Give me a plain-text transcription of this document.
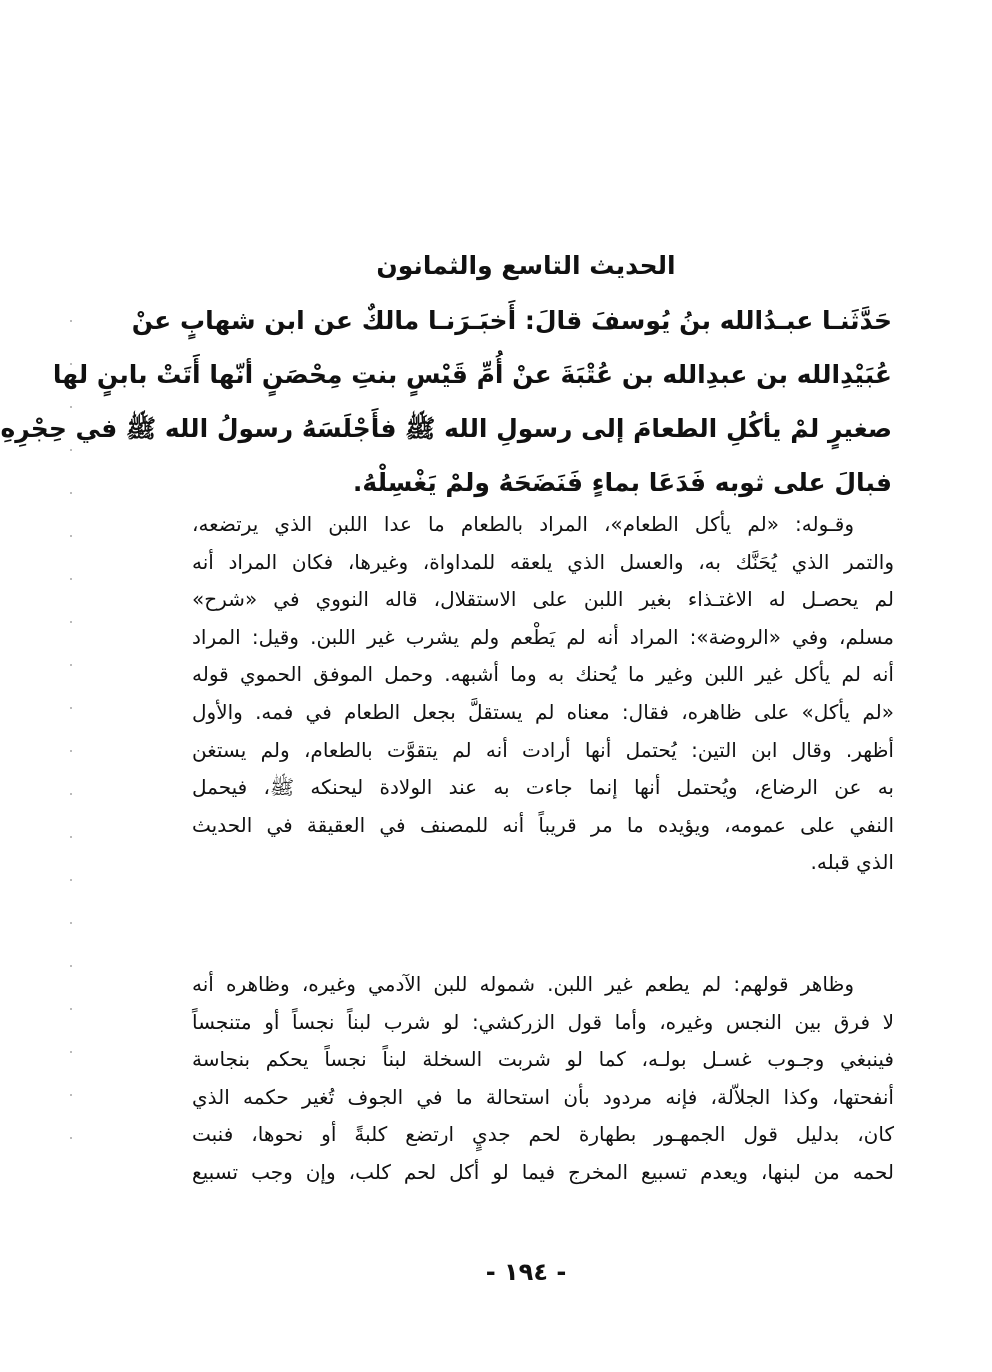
الحديث التاسع والثمانون
حَدَّثَنـا عبـدُالله بنُ يُوسفَ قالَ: أَخبَـرَنـا مالكٌ عن ابن شهابٍ عنْ
عُبَيْدِالله بن عبدِالله بن عُتْبَةَ عنْ أُمِّ قَيْسٍ بنتِ مِحْصَنٍ أنّها أَتَتْ بابنٍ لها
صغيرٍ لمْ يأكُلِ الطعامَ إلى رسولِ الله ﷺ فأَجْلَسَهُ رسولُ الله ﷺ في حِجْرِهِ
فبالَ على ثوبه فَدَعَا بماءٍ فَنَضَحَهُ ولمْ يَغْسِلْهُ.
وقـوله: «لم يأكل الطعام»، المراد بالطعام ما عدا اللبن الذي يرتضعه،
والتمر الذي يُحَنَّك به، والعسل الذي يلعقه للمداواة، وغيرها، فكان المراد أنه
لم يحصـل له الاغتـذاء بغير اللبن على الاستقلال، قاله النووي في «شرح»
مسلم، وفي «الروضة»: المراد أنه لم يَطْعم ولم يشرب غير اللبن. وقيل: المراد
أنه لم يأكل غير اللبن وغير ما يُحنك به وما أشبهه. وحمل الموفق الحموي قوله
«لم يأكل» على ظاهره، فقال: معناه لم يستقلَّ بجعل الطعام في فمه. والأول
أظهر. وقال ابن التين: يُحتمل أنها أرادت أنه لم يتقوَّت بالطعام، ولم يستغن
به عن الرضاع، ويُحتمل أنها إنما جاءت به عند الولادة ليحنكه ﷺ، فيحمل
النفي على عمومه، ويؤيده ما مر قريباً أنه للمصنف في العقيقة في الحديث
الذي قبله.
وظاهر قولهم: لم يطعم غير اللبن. شموله للبن الآدمي وغيره، وظاهره أنه
لا فرق بين النجس وغيره، وأما قول الزركشي: لو شرب لبناً نجساً أو متنجساً
فينبغي وجـوب غسـل بولـه، كما لو شربت السخلة لبناً نجساً يحكم بنجاسة
أنفحتها، وكذا الجلاّلة، فإنه مردود بأن استحالة ما في الجوف تُغير حكمه الذي
كان، بدليل قول الجمهـور بطهارة لحم جديٍ ارتضع كلبةً أو نحوها، فنبت
لحمه من لبنها، ويعدم تسبيع المخرج فيما لو أكل لحم كلب، وإن وجب تسبيع
- ١٩٤ -
